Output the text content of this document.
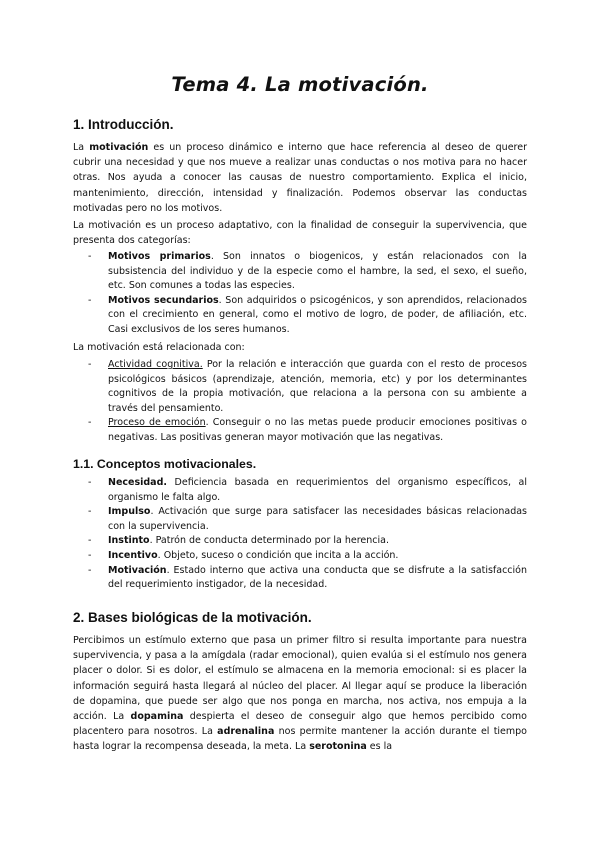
Tema 4. La motivación.
1. Introducción.

La motivación es un proceso dinámico e interno que hace referencia al deseo de querer cubrir una necesidad y que nos mueve a realizar unas conductas o nos motiva para no hacer otras. Nos ayuda a conocer las causas de nuestro comportamiento. Explica el inicio, mantenimiento, dirección, intensidad y finalización. Podemos observar las conductas motivadas pero no los motivos.

La motivación es un proceso adaptativo, con la finalidad de conseguir la supervivencia, que presenta dos categorías:

-	Motivos primarios. Son innatos o biogenicos, y están relacionados con la subsistencia del individuo y de la especie como el hambre, la sed, el sexo, el sueño, etc. Son comunes a todas las especies.
-	Motivos secundarios. Son adquiridos o psicogénicos, y son aprendidos, relacionados con el crecimiento en general, como el motivo de logro, de poder, de afiliación, etc. Casi exclusivos de los seres humanos.

La motivación está relacionada con:

-	Actividad cognitiva. Por la relación e interacción que guarda con el resto de procesos psicológicos básicos (aprendizaje, atención, memoria, etc) y por los determinantes cognitivos de la propia motivación, que relaciona a la persona con su ambiente a través del pensamiento.
-	Proceso de emoción. Conseguir o no las metas puede producir emociones positivas o negativas. Las positivas generan mayor motivación que las negativas.
1.1. Conceptos motivacionales.
-	Necesidad. Deficiencia basada en requerimientos del organismo específicos, al organismo le falta algo.
-	Impulso. Activación que surge para satisfacer las necesidades básicas relacionadas con la supervivencia.
-	Instinto. Patrón de conducta determinado por la herencia.
-	Incentivo. Objeto, suceso o condición que incita a la acción.
-	Motivación. Estado interno que activa una conducta que se disfrute a la satisfacción del requerimiento instigador, de la necesidad.
2. Bases biológicas de la motivación.

Percibimos un estímulo externo que pasa un primer filtro si resulta importante para nuestra supervivencia, y pasa a la amígdala (radar emocional), quien evalúa si el estímulo nos genera placer o dolor. Si es dolor, el estímulo se almacena en la memoria emocional: si es placer la información seguirá hasta llegará al núcleo del placer. Al llegar aquí se produce la liberación de dopamina, que puede ser algo que nos ponga en marcha, nos activa, nos empuja a la acción. La dopamina despierta el deseo de conseguir algo que hemos percibido como placentero para nosotros. La adrenalina nos permite mantener la acción durante el tiempo hasta lograr la recompensa deseada, la meta. La serotonina es la
